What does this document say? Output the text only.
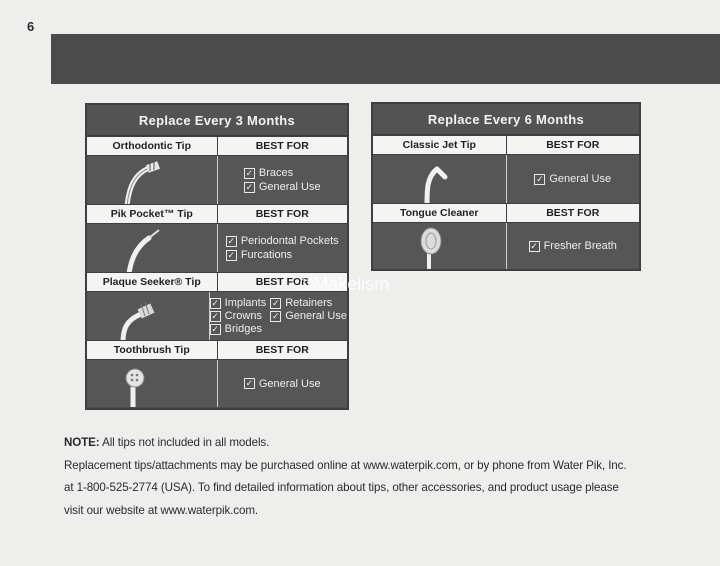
6
Replace Every 3 Months
Orthodontic Tip	BEST FOR
✓ Braces
✓ General Use
Pik Pocket™ Tip	BEST FOR
✓ Periodontal Pockets
✓ Furcations
Plaque Seeker® Tip	BEST FOR
✓ Implants ✓ Retainers
✓ Crowns ✓ General Use
✓ Bridges
Toothbrush Tip	BEST FOR
✓ General Use
Replace Every 6 Months
Classic Jet Tip	BEST FOR
✓ General Use
Tongue Cleaner	BEST FOR
✓ Fresher Breath
©Makelism
NOTE: All tips not included in all models.
Replacement tips/attachments may be purchased online at www.waterpik.com, or by phone from Water Pik, Inc.
at 1-800-525-2774 (USA). To find detailed information about tips, other accessories, and product usage please
visit our website at www.waterpik.com.
